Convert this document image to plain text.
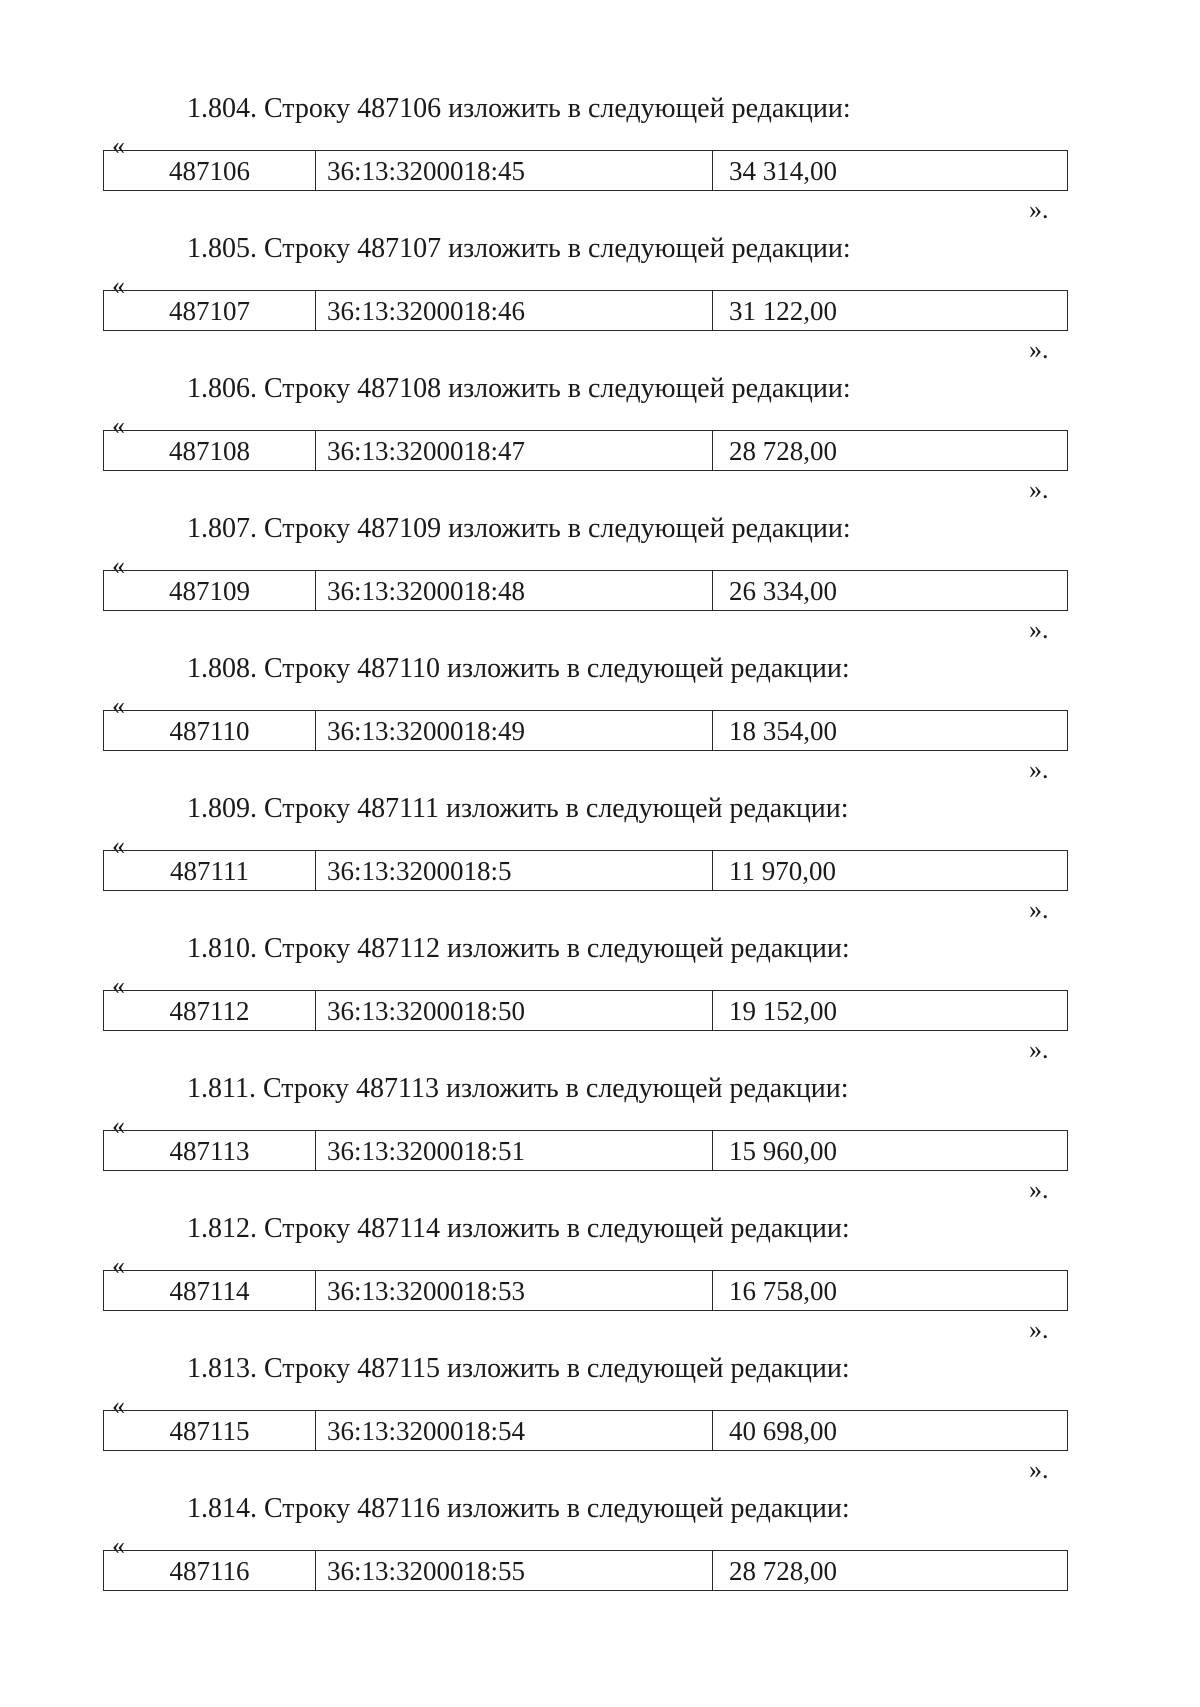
1.804. Строку 487106 изложить в следующей редакции:

«
487106	36:13:3200018:45	34 314,00
».

1.805. Строку 487107 изложить в следующей редакции:

«
487107	36:13:3200018:46	31 122,00
».

1.806. Строку 487108 изложить в следующей редакции:

«
487108	36:13:3200018:47	28 728,00
».

1.807. Строку 487109 изложить в следующей редакции:

«
487109	36:13:3200018:48	26 334,00
».

1.808. Строку 487110 изложить в следующей редакции:

«
487110	36:13:3200018:49	18 354,00
».

1.809. Строку 487111 изложить в следующей редакции:

«
487111	36:13:3200018:5	11 970,00
».

1.810. Строку 487112 изложить в следующей редакции:

«
487112	36:13:3200018:50	19 152,00
».

1.811. Строку 487113 изложить в следующей редакции:

«
487113	36:13:3200018:51	15 960,00
».

1.812. Строку 487114 изложить в следующей редакции:

«
487114	36:13:3200018:53	16 758,00
».

1.813. Строку 487115 изложить в следующей редакции:

«
487115	36:13:3200018:54	40 698,00
».

1.814. Строку 487116 изложить в следующей редакции:

«
487116	36:13:3200018:55	28 728,00
